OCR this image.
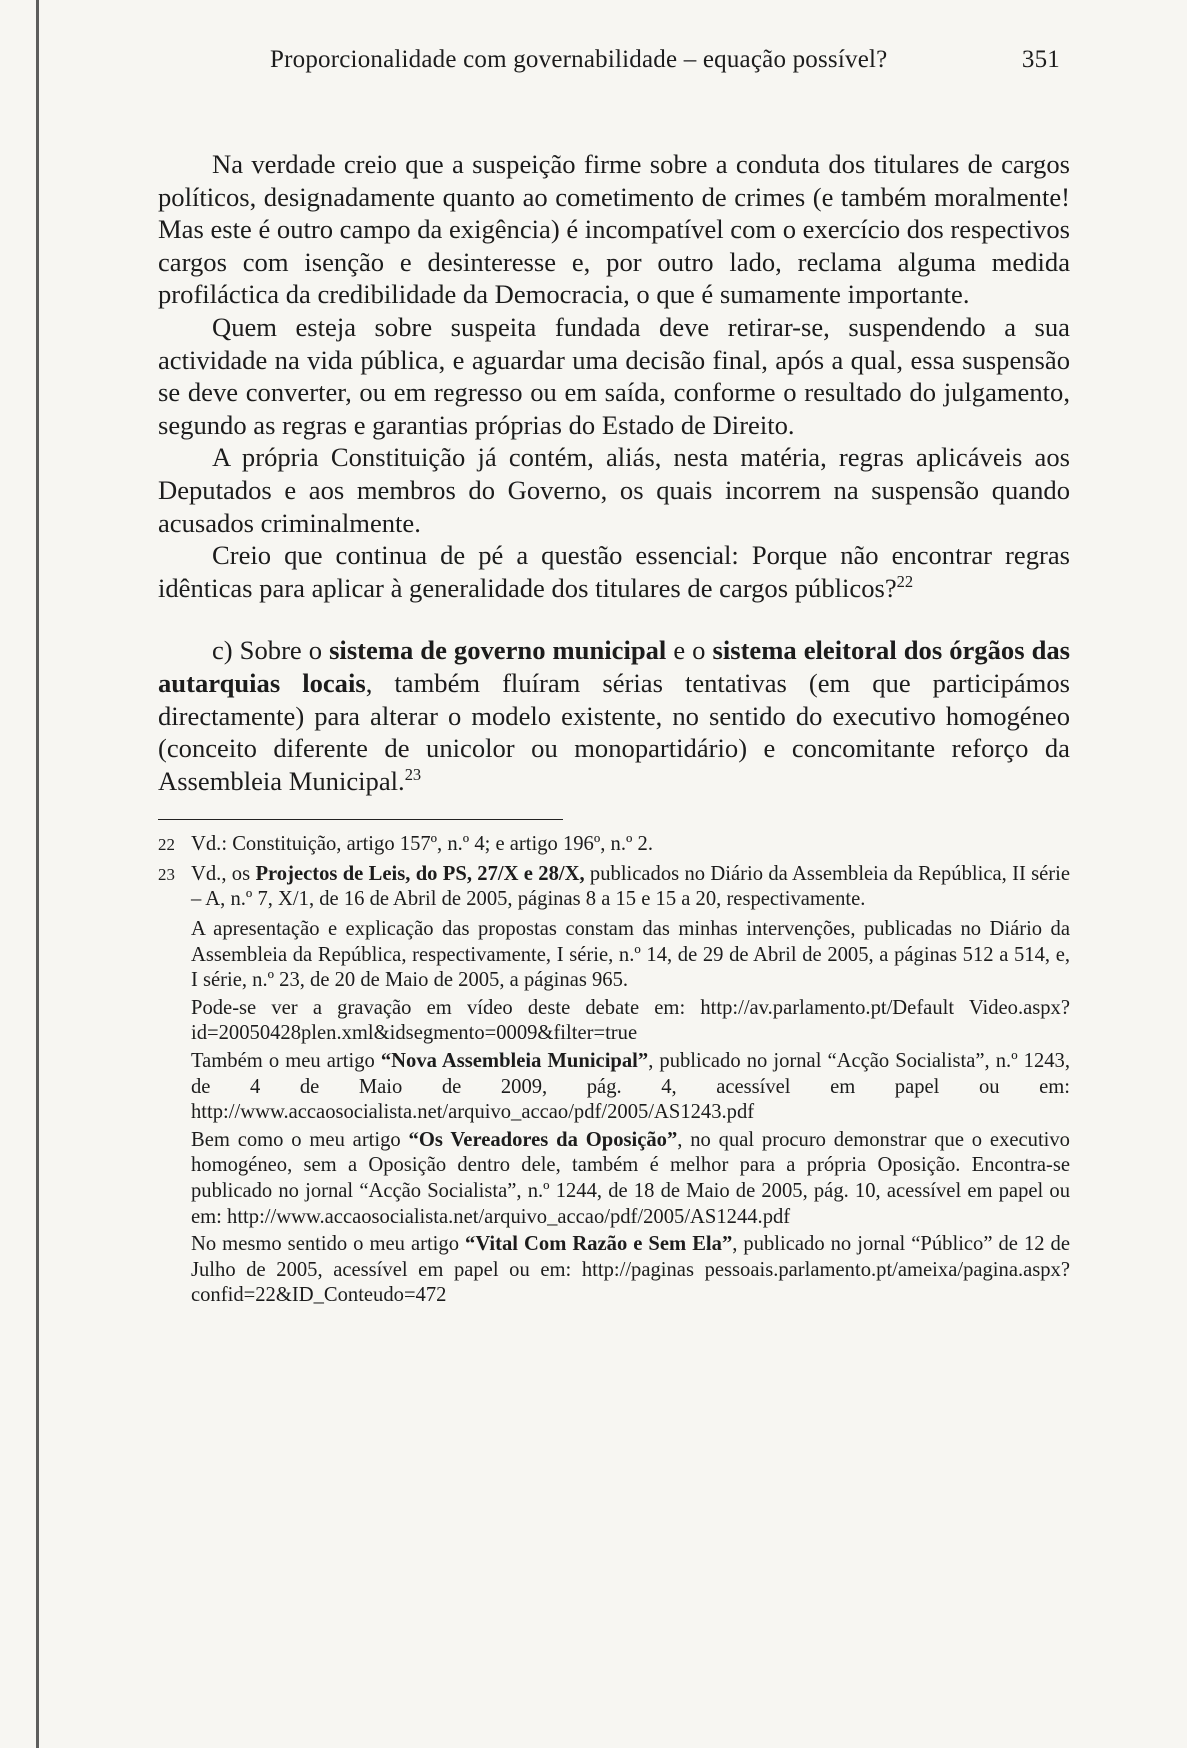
Proporcionalidade com governabilidade – equação possível?	351

Na verdade creio que a suspeição firme sobre a conduta dos titulares de cargos políticos, designadamente quanto ao cometimento de crimes (e também moralmente! Mas este é outro campo da exigência) é incompatível com o exercício dos respectivos cargos com isenção e desinteresse e, por outro lado, reclama alguma medida profiláctica da credibilidade da Democracia, o que é sumamente importante.

Quem esteja sobre suspeita fundada deve retirar-se, suspendendo a sua actividade na vida pública, e aguardar uma decisão final, após a qual, essa suspensão se deve converter, ou em regresso ou em saída, conforme o resultado do julgamento, segundo as regras e garantias próprias do Estado de Direito.

A própria Constituição já contém, aliás, nesta matéria, regras aplicáveis aos Deputados e aos membros do Governo, os quais incorrem na suspensão quando acusados criminalmente.

Creio que continua de pé a questão essencial: Porque não encontrar regras idênticas para aplicar à generalidade dos titulares de cargos públicos?$^{22}$

c) Sobre o sistema de governo municipal e o sistema eleitoral dos órgãos das autarquias locais, também fluíram sérias tentativas (em que participámos directamente) para alterar o modelo existente, no sentido do executivo homogéneo (conceito diferente de unicolor ou monopartidário) e concomitante reforço da Assembleia Municipal.$^{23}$

22 Vd.: Constituição, artigo 157º, n.º 4; e artigo 196º, n.º 2.

23 Vd., os Projectos de Leis, do PS, 27/X e 28/X, publicados no Diário da Assembleia da República, II série – A, n.º 7, X/1, de 16 de Abril de 2005, páginas 8 a 15 e 15 a 20, respectivamente.

A apresentação e explicação das propostas constam das minhas intervenções, publicadas no Diário da Assembleia da República, respectivamente, I série, n.º 14, de 29 de Abril de 2005, a páginas 512 a 514, e, I série, n.º 23, de 20 de Maio de 2005, a páginas 965.

Pode-se ver a gravação em vídeo deste debate em: http://av.parlamento.pt/Default Video.aspx?id=20050428plen.xml&idsegmento=0009&filter=true

Também o meu artigo “Nova Assembleia Municipal”, publicado no jornal “Acção Socialista”, n.º 1243, de 4 de Maio de 2009, pág. 4, acessível em papel ou em: http://www.accaosocialista.net/arquivo_accao/pdf/2005/AS1243.pdf

Bem como o meu artigo “Os Vereadores da Oposição”, no qual procuro demonstrar que o executivo homogéneo, sem a Oposição dentro dele, também é melhor para a própria Oposição. Encontra-se publicado no jornal “Acção Socialista”, n.º 1244, de 18 de Maio de 2005, pág. 10, acessível em papel ou em: http://www.accaosocialista.net/arquivo_accao/pdf/2005/AS1244.pdf

No mesmo sentido o meu artigo “Vital Com Razão e Sem Ela”, publicado no jornal “Público” de 12 de Julho de 2005, acessível em papel ou em: http://paginas pessoais.parlamento.pt/ameixa/pagina.aspx?confid=22&ID_Conteudo=472
